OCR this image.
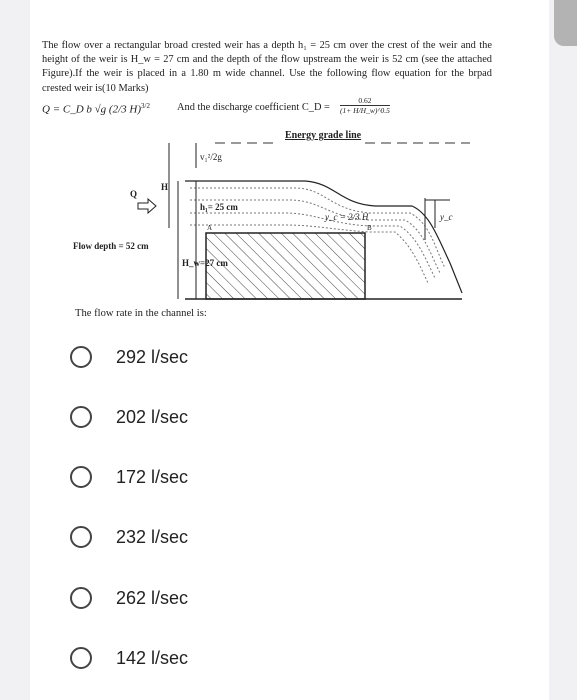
The flow over a rectangular broad crested weir has a depth h₁ = 25 cm over the crest of the weir and the height of the weir is H_w = 27 cm and the depth of the flow upstream the weir is 52 cm (see the attached Figure).If the weir is placed in a 1.80 m wide channel. Use the following flow equation for the brpad crested weir is(10 Marks)

Q = C_D b √g (2/3 H)$^{3/2}$	And the discharge coefficient C_D = $\frac{0.62}{(1+ H/H\_w)\^{}0.5}$
Energy grade line
v₁²/2g
H
Q
h₁= 25 cm
A	B
Flow depth = 52 cm
H_w=27 cm
y_c = 2/3 H	y_c
The flow rate in the channel is:
292 l/sec
202 l/sec
172 l/sec
232 l/sec
262 l/sec
142 l/sec
